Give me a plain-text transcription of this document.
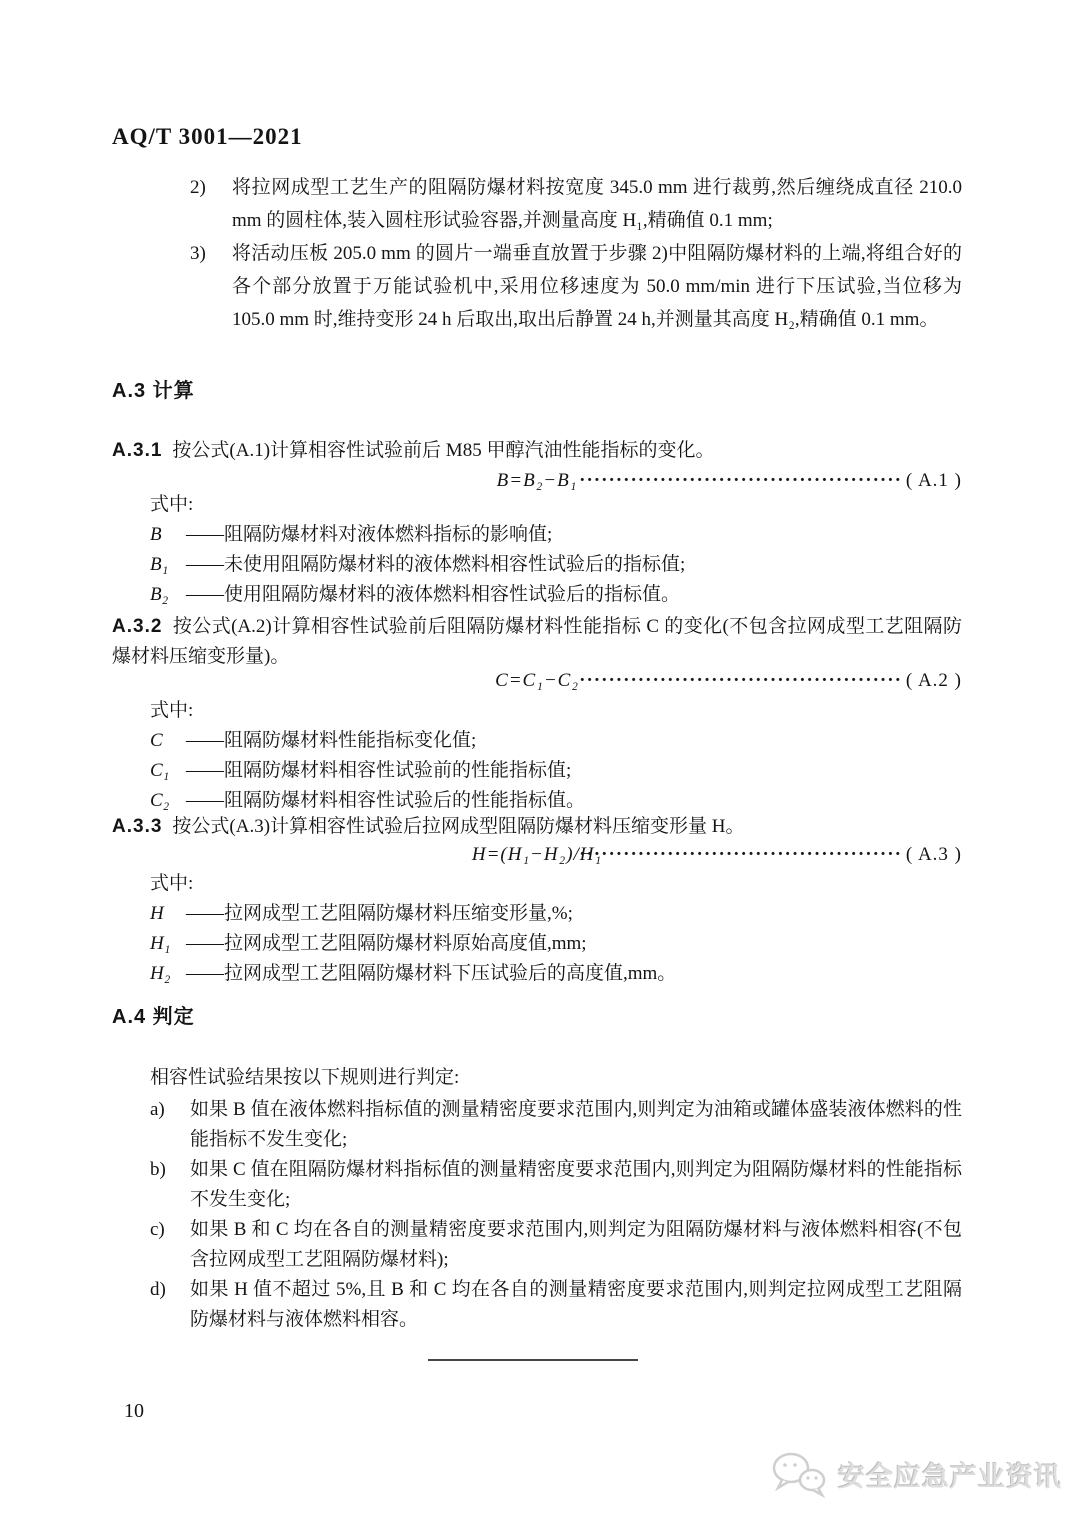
AQ/T 3001—2021
2) 将拉网成型工艺生产的阻隔防爆材料按宽度 345.0 mm 进行裁剪,然后缠绕成直径 210.0 mm 的圆柱体,装入圆柱形试验容器,并测量高度 H₁,精确值 0.1 mm;
3) 将活动压板 205.0 mm 的圆片一端垂直放置于步骤 2)中阻隔防爆材料的上端,将组合好的各个部分放置于万能试验机中,采用位移速度为 50.0 mm/min 进行下压试验,当位移为 105.0 mm 时,维持变形 24 h 后取出,取出后静置 24 h,并测量其高度 H₂,精确值 0.1 mm。
A.3 计算
A.3.1 按公式(A.1)计算相容性试验前后 M85 甲醇汽油性能指标的变化。
B=B₂−B₁ ············································ ( A.1 )
式中:
B ——阻隔防爆材料对液体燃料指标的影响值;
B₁ ——未使用阻隔防爆材料的液体燃料相容性试验后的指标值;
B₂ ——使用阻隔防爆材料的液体燃料相容性试验后的指标值。
A.3.2 按公式(A.2)计算相容性试验前后阻隔防爆材料性能指标 C 的变化(不包含拉网成型工艺阻隔防爆材料压缩变形量)。
C=C₁−C₂ ············································ ( A.2 )
式中:
C ——阻隔防爆材料性能指标变化值;
C₁ ——阻隔防爆材料相容性试验前的性能指标值;
C₂ ——阻隔防爆材料相容性试验后的性能指标值。
A.3.3 按公式(A.3)计算相容性试验后拉网成型阻隔防爆材料压缩变形量 H。
H=(H₁−H₂)/H₁
············································ ( A.3 )
式中:
H ——拉网成型工艺阻隔防爆材料压缩变形量,%;
H₁ ——拉网成型工艺阻隔防爆材料原始高度值,mm;
H₂ ——拉网成型工艺阻隔防爆材料下压试验后的高度值,mm。
A.4 判定
相容性试验结果按以下规则进行判定:
a) 如果 B 值在液体燃料指标值的测量精密度要求范围内,则判定为油箱或罐体盛装液体燃料的性能指标不发生变化;
b) 如果 C 值在阻隔防爆材料指标值的测量精密度要求范围内,则判定为阻隔防爆材料的性能指标不发生变化;
c) 如果 B 和 C 均在各自的测量精密度要求范围内,则判定为阻隔防爆材料与液体燃料相容(不包含拉网成型工艺阻隔防爆材料);
d) 如果 H 值不超过 5%,且 B 和 C 均在各自的测量精密度要求范围内,则判定拉网成型工艺阻隔防爆材料与液体燃料相容。
10
安全应急产业资讯
